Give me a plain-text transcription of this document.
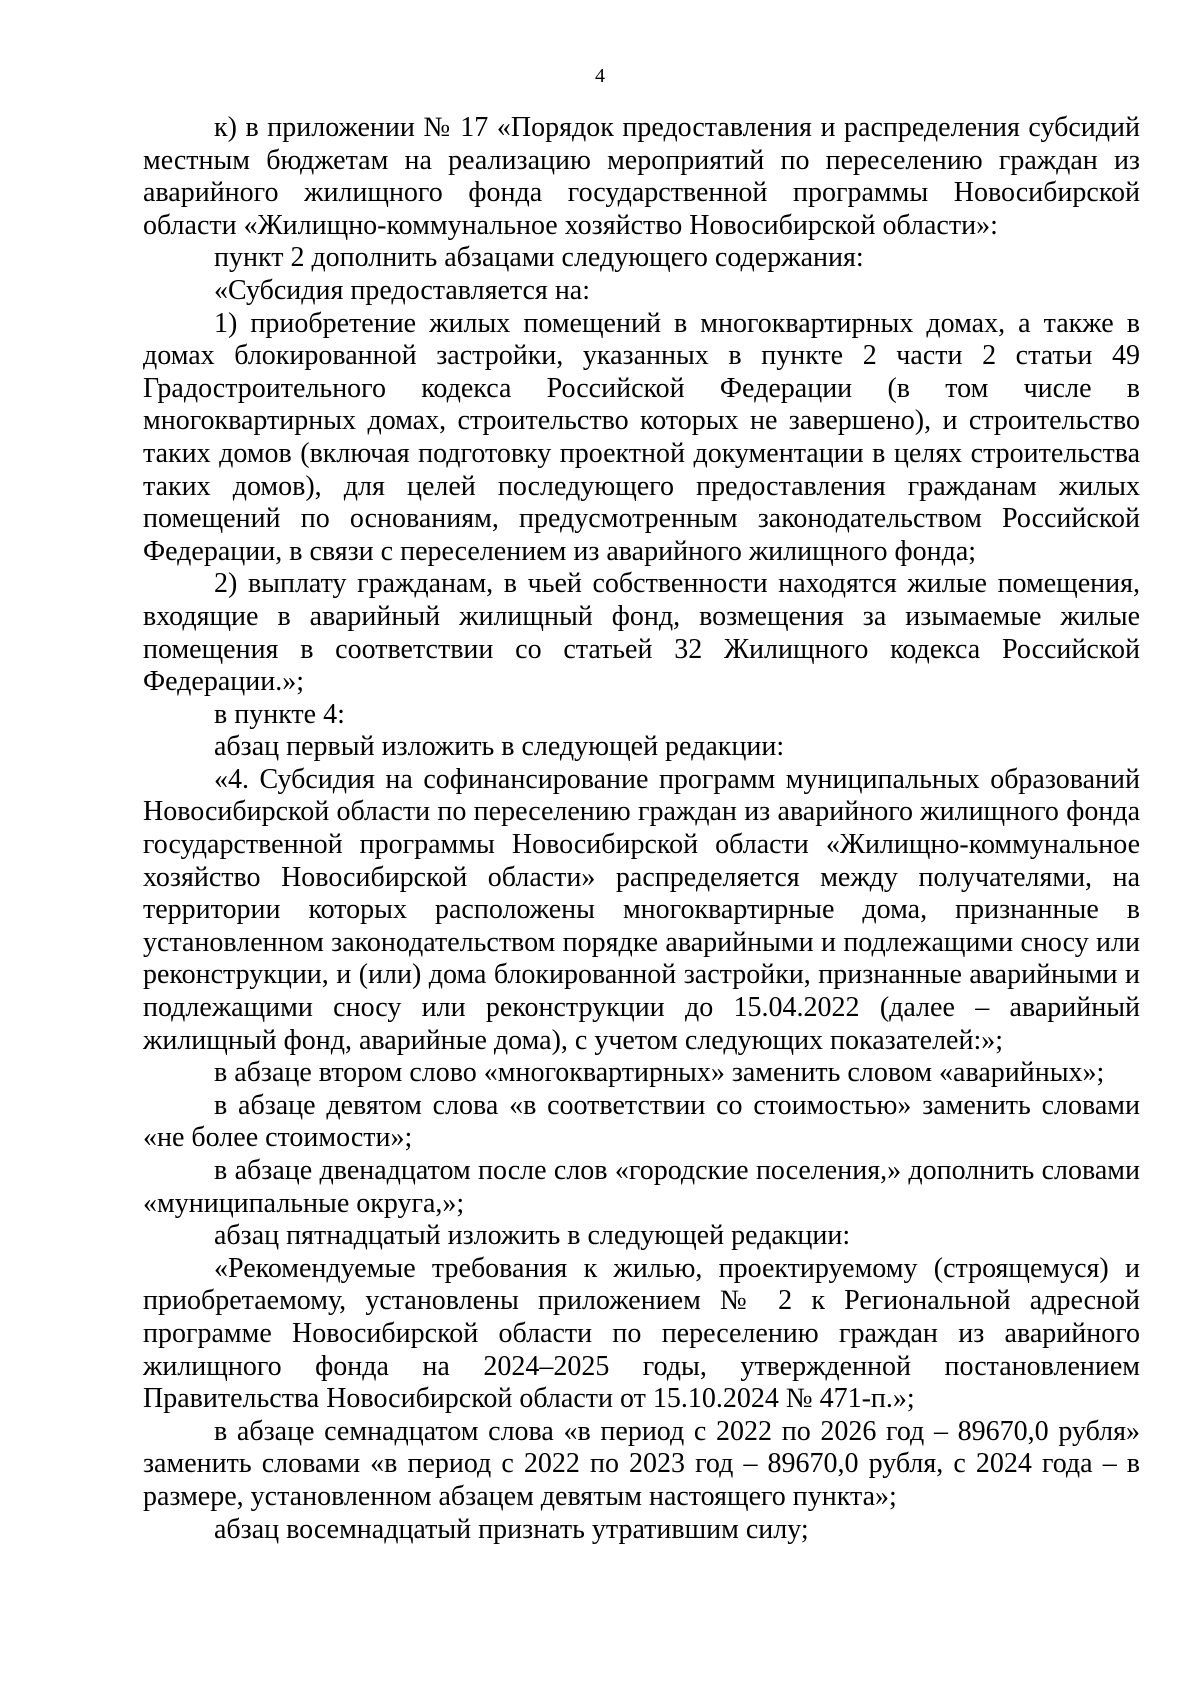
4

к) в приложении № 17 «Порядок предоставления и распределения субсидий местным бюджетам на реализацию мероприятий по переселению граждан из аварийного жилищного фонда государственной программы Новосибирской области «Жилищно-коммунальное хозяйство Новосибирской области»:

пункт 2 дополнить абзацами следующего содержания:

«Субсидия предоставляется на:

1) приобретение жилых помещений в многоквартирных домах, а также в домах блокированной застройки, указанных в пункте 2 части 2 статьи 49 Градостроительного кодекса Российской Федерации (в том числе в многоквартирных домах, строительство которых не завершено), и строительство таких домов (включая подготовку проектной документации в целях строительства таких домов), для целей последующего предоставления гражданам жилых помещений по основаниям, предусмотренным законодательством Российской Федерации, в связи с переселением из аварийного жилищного фонда;

2) выплату гражданам, в чьей собственности находятся жилые помещения, входящие в аварийный жилищный фонд, возмещения за изымаемые жилые помещения в соответствии со статьей 32 Жилищного кодекса Российской Федерации.»;

в пункте 4:

абзац первый изложить в следующей редакции:

«4. Субсидия на софинансирование программ муниципальных образований Новосибирской области по переселению граждан из аварийного жилищного фонда государственной программы Новосибирской области «Жилищно-коммунальное хозяйство Новосибирской области» распределяется между получателями, на территории которых расположены многоквартирные дома, признанные в установленном законодательством порядке аварийными и подлежащими сносу или реконструкции, и (или) дома блокированной застройки, признанные аварийными и подлежащими сносу или реконструкции до 15.04.2022 (далее – аварийный жилищный фонд, аварийные дома), с учетом следующих показателей:»;

в абзаце втором слово «многоквартирных» заменить словом «аварийных»;

в абзаце девятом слова «в соответствии со стоимостью» заменить словами «не более стоимости»;

в абзаце двенадцатом после слов «городские поселения,» дополнить словами «муниципальные округа,»;

абзац пятнадцатый изложить в следующей редакции:

«Рекомендуемые требования к жилью, проектируемому (строящемуся) и приобретаемому, установлены приложением № 2 к Региональной адресной программе Новосибирской области по переселению граждан из аварийного жилищного фонда на 2024–2025 годы, утвержденной постановлением Правительства Новосибирской области от 15.10.2024 № 471-п.»;

в абзаце семнадцатом слова «в период с 2022 по 2026 год – 89670,0 рубля» заменить словами «в период с 2022 по 2023 год – 89670,0 рубля, с 2024 года – в размере, установленном абзацем девятым настоящего пункта»;

абзац восемнадцатый признать утратившим силу;
